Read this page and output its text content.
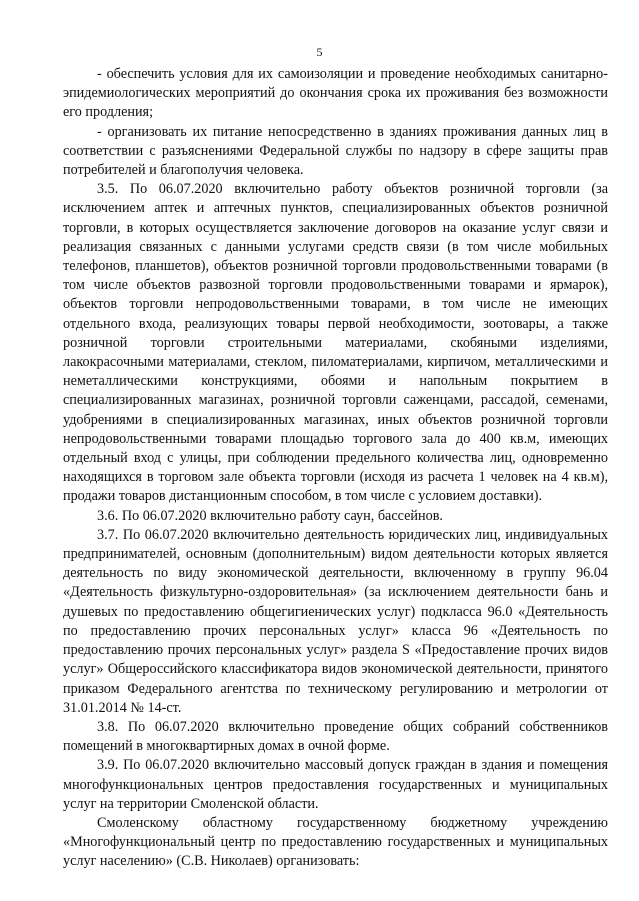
5

- обеспечить условия для их самоизоляции и проведение необходимых санитарно-эпидемиологических мероприятий до окончания срока их проживания без возможности его продления;

- организовать их питание непосредственно в зданиях проживания данных лиц в соответствии с разъяснениями Федеральной службы по надзору в сфере защиты прав потребителей и благополучия человека.

3.5. По 06.07.2020 включительно работу объектов розничной торговли (за исключением аптек и аптечных пунктов, специализированных объектов розничной торговли, в которых осуществляется заключение договоров на оказание услуг связи и реализация связанных с данными услугами средств связи (в том числе мобильных телефонов, планшетов), объектов розничной торговли продовольственными товарами (в том числе объектов развозной торговли продовольственными товарами и ярмарок), объектов торговли непродовольственными товарами, в том числе не имеющих отдельного входа, реализующих товары первой необходимости, зоотовары, а также розничной торговли строительными материалами, скобяными изделиями, лакокрасочными материалами, стеклом, пиломатериалами, кирпичом, металлическими и неметаллическими конструкциями, обоями и напольным покрытием в специализированных магазинах, розничной торговли саженцами, рассадой, семенами, удобрениями в специализированных магазинах, иных объектов розничной торговли непродовольственными товарами площадью торгового зала до 400 кв.м, имеющих отдельный вход с улицы, при соблюдении предельного количества лиц, одновременно находящихся в торговом зале объекта торговли (исходя из расчета 1 человек на 4 кв.м), продажи товаров дистанционным способом, в том числе с условием доставки).

3.6. По 06.07.2020 включительно работу саун, бассейнов.

3.7. По 06.07.2020 включительно деятельность юридических лиц, индивидуальных предпринимателей, основным (дополнительным) видом деятельности которых является деятельность по виду экономической деятельности, включенному в группу 96.04 «Деятельность физкультурно-оздоровительная» (за исключением деятельности бань и душевых по предоставлению общегигиенических услуг) подкласса 96.0 «Деятельность по предоставлению прочих персональных услуг» класса 96 «Деятельность по предоставлению прочих персональных услуг» раздела S «Предоставление прочих видов услуг» Общероссийского классификатора видов экономической деятельности, принятого приказом Федерального агентства по техническому регулированию и метрологии от 31.01.2014 № 14-ст.

3.8. По 06.07.2020 включительно проведение общих собраний собственников помещений в многоквартирных домах в очной форме.

3.9. По 06.07.2020 включительно массовый допуск граждан в здания и помещения многофункциональных центров предоставления государственных и муниципальных услуг на территории Смоленской области.

Смоленскому областному государственному бюджетному учреждению «Многофункциональный центр по предоставлению государственных и муниципальных услуг населению» (С.В. Николаев) организовать:
